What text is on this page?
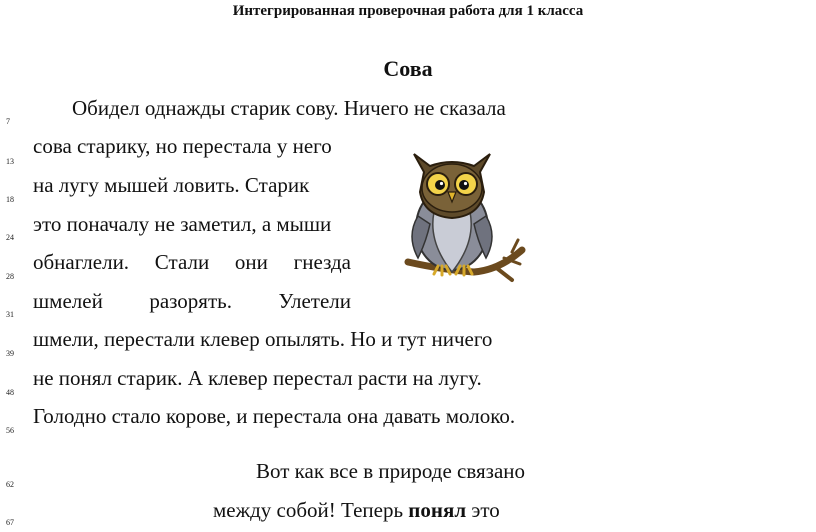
Интегрированная проверочная работа для 1 класса
Сова
Обидел однажды старик сову. Ничего не сказала
сова старику, но перестала у него
на лугу мышей ловить. Старик
это поначалу не заметил, а мыши
обнаглели. Стали они гнезда
шмелей разорять. Улетели
шмели, перестали клевер опылять. Но и тут ничего
не понял старик. А клевер перестал расти на лугу.
Голодно стало корове, и перестала она давать молоко.
Вот как все в природе связано
между собой! Теперь понял это
7
13
18
24
28
31
39
48
56
62
67
